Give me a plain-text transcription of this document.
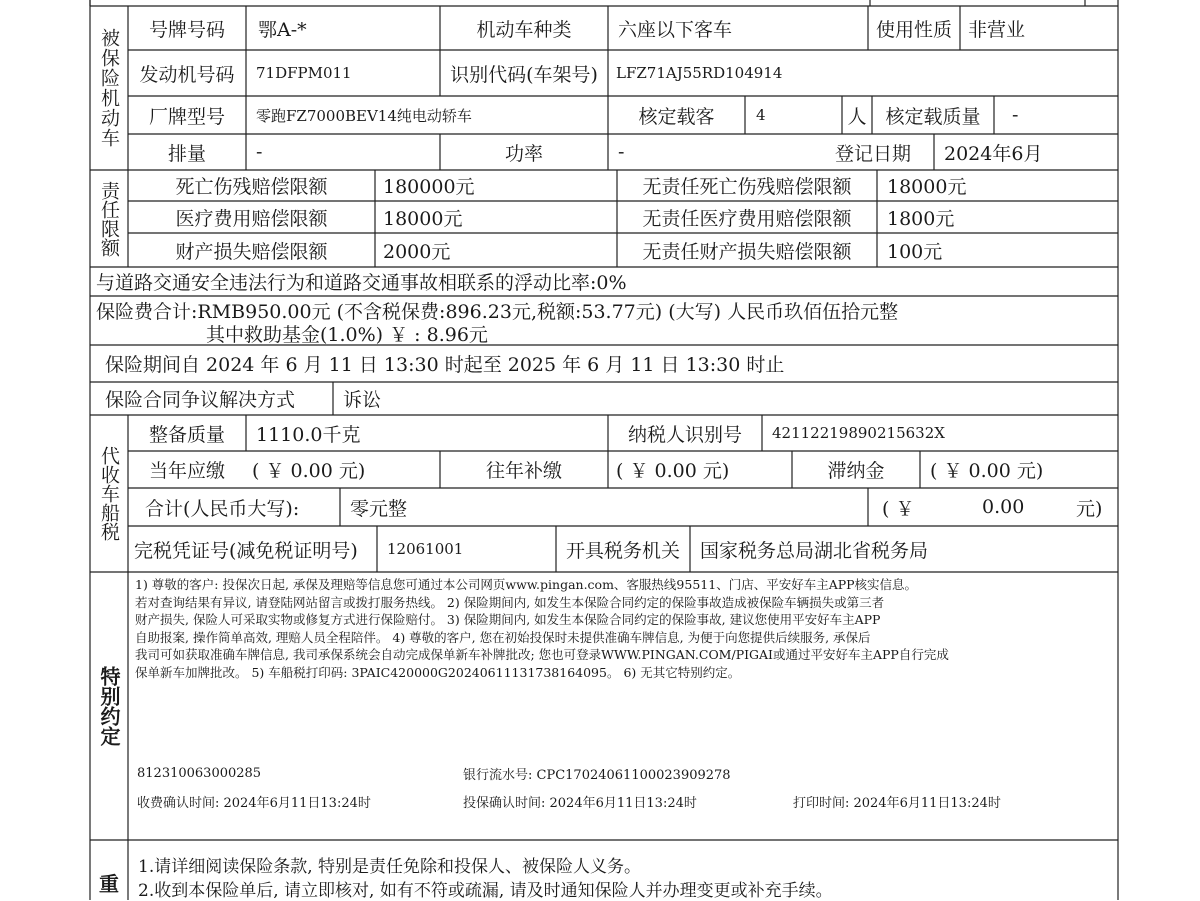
被保险机动车	号牌号码	鄂A-*	机动车种类	六座以下客车	使用性质 非营业
发动机号码	71DFPM011	识别代码(车架号)	LFZ71AJ55RD104914
厂牌型号	零跑FZ7000BEV14纯电动轿车	核定载客	4	人 核定载质量	-
排量	-	功率	-	登记日期	2024年6月
责任限额	死亡伤残赔偿限额	180000元	无责任死亡伤残赔偿限额	18000元
医疗费用赔偿限额	18000元	无责任医疗费用赔偿限额	1800元
财产损失赔偿限额	2000元	无责任财产损失赔偿限额	100元
与道路交通安全违法行为和道路交通事故相联系的浮动比率:0%
保险费合计:RMB950.00元 (不含税保费:896.23元,税额:53.77元) (大写) 人民币玖佰伍拾元整
其中救助基金(1.0%) ￥ : 8.96元
保险期间自 2024 年 6 月 11 日 13:30 时起至 2025 年 6 月 11 日 13:30 时止
保险合同争议解决方式	诉讼
代收车船税
整备质量	1110.0千克	纳税人识别号	42112219890215632X
当年应缴	( ￥ 0.00 元)	往年补缴	( ￥ 0.00 元)	滞纳金	( ￥ 0.00 元)
合计(人民币大写):	零元整	( ￥	0.00	元)
完税凭证号(减免税证明号)	12061001	开具税务机关	国家税务总局湖北省税务局
特别约定
1) 尊敬的客户: 投保次日起, 承保及理赔等信息您可通过本公司网页www.pingan.com、客服热线95511、门店、平安好车主APP核实信息。
若对查询结果有异议, 请登陆网站留言或拨打服务热线。 2) 保险期间内, 如发生本保险合同约定的保险事故造成被保险车辆损失或第三者
财产损失, 保险人可采取实物或修复方式进行保险赔付。 3) 保险期间内, 如发生本保险合同约定的保险事故, 建议您使用平安好车主APP
自助报案, 操作简单高效, 理赔人员全程陪伴。 4) 尊敬的客户, 您在初始投保时未提供准确车牌信息, 为便于向您提供后续服务, 承保后
我司可如获取准确车牌信息, 我司承保系统会自动完成保单新车补牌批改; 您也可登录WWW.PINGAN.COM/PIGAI或通过平安好车主APP自行完成
保单新车加牌批改。 5) 车船税打印码: 3PAIC420000G20240611131738164095。 6) 无其它特别约定。
812310063000285	银行流水号: CPC17024061100023909278
收费确认时间: 2024年6月11日13:24时	投保确认时间: 2024年6月11日13:24时	打印时间: 2024年6月11日13:24时
重
1.请详细阅读保险条款, 特别是责任免除和投保人、被保险人义务。
2.收到本保险单后, 请立即核对, 如有不符或疏漏, 请及时通知保险人并办理变更或补充手续。
